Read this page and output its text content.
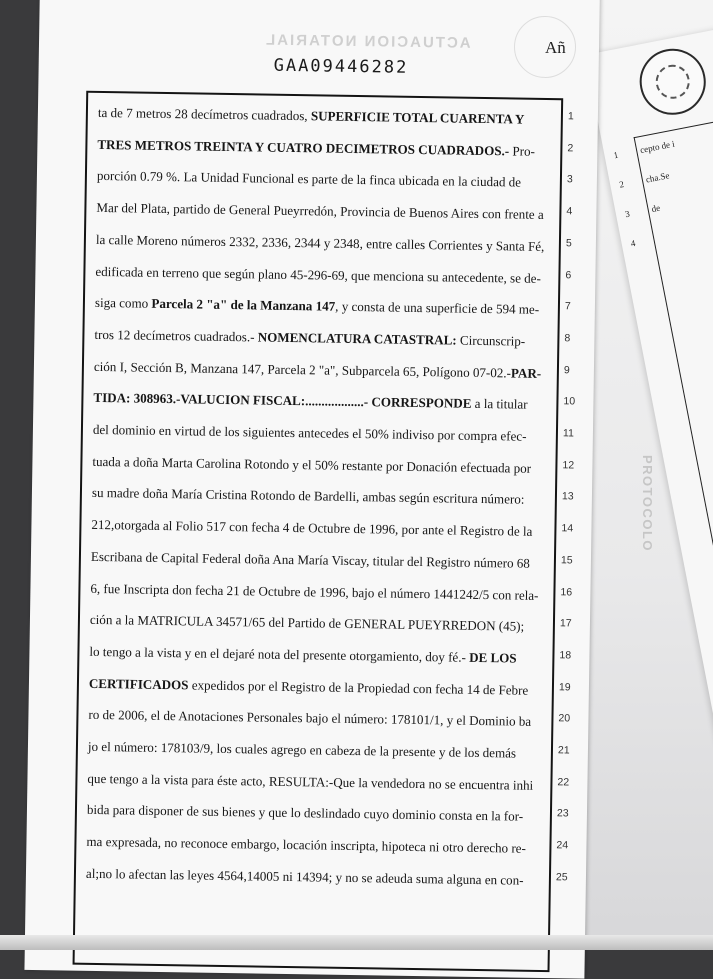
1 cepto de i
2 cha.Se
3 de
4
ACTUACION NOTARIAL
GAA09446282
ta de 7 metros 28 decímetros cuadrados, SUPERFICIE TOTAL CUARENTA Y
TRES METROS TREINTA Y CUATRO DECIMETROS CUADRADOS.- Pro-
porción 0.79 %. La Unidad Funcional es parte de la finca ubicada en la ciudad de
Mar del Plata, partido de General Pueyrredón, Provincia de Buenos Aires con frente a
la calle Moreno números 2332, 2336, 2344 y 2348, entre calles Corrientes y Santa Fé,
edificada en terreno que según plano 45-296-69, que menciona su antecedente, se de-
siga como Parcela 2 "a" de la Manzana 147, y consta de una superficie de 594 me-
tros 12 decímetros cuadrados.- NOMENCLATURA CATASTRAL: Circunscrip-
ción I, Sección B, Manzana 147, Parcela 2 "a", Subparcela 65, Polígono 07-02.-PAR-
TIDA: 308963.-VALUCION FISCAL:..................- CORRESPONDE a la titular
del dominio en virtud de los siguientes antecedes el 50% indiviso por compra efec-
tuada a doña Marta Carolina Rotondo y el 50% restante por Donación efectuada por
su madre doña María Cristina Rotondo de Bardelli, ambas según escritura número:
212,otorgada al Folio 517 con fecha 4 de Octubre de 1996, por ante el Registro de la
Escribana de Capital Federal doña Ana María Viscay, titular del Registro número 68
6, fue Inscripta don fecha 21 de Octubre de 1996, bajo el número 1441242/5 con rela-
ción a la MATRICULA 34571/65 del Partido de GENERAL PUEYRREDON (45);
lo tengo a la vista y en el dejaré nota del presente otorgamiento, doy fé.- DE LOS
CERTIFICADOS expedidos por el Registro de la Propiedad con fecha 14 de Febre
ro de 2006, el de Anotaciones Personales bajo el número: 178101/1, y el Dominio ba
jo el número: 178103/9, los cuales agrego en cabeza de la presente y de los demás
que tengo a la vista para éste acto, RESULTA:-Que la vendedora no se encuentra inhi
bida para disponer de sus bienes y que lo deslindado cuyo dominio consta en la for-
ma expresada, no reconoce embargo, locación inscripta, hipoteca ni otro derecho re-
al;no lo afectan las leyes 4564,14005 ni 14394; y no se adeuda suma alguna en con-
1
2
3
4
5
6
7
8
9
10
11
12
13
14
15
16
17
18
19
20
21
22
23
24
25
Añ
PROTOCOLO
